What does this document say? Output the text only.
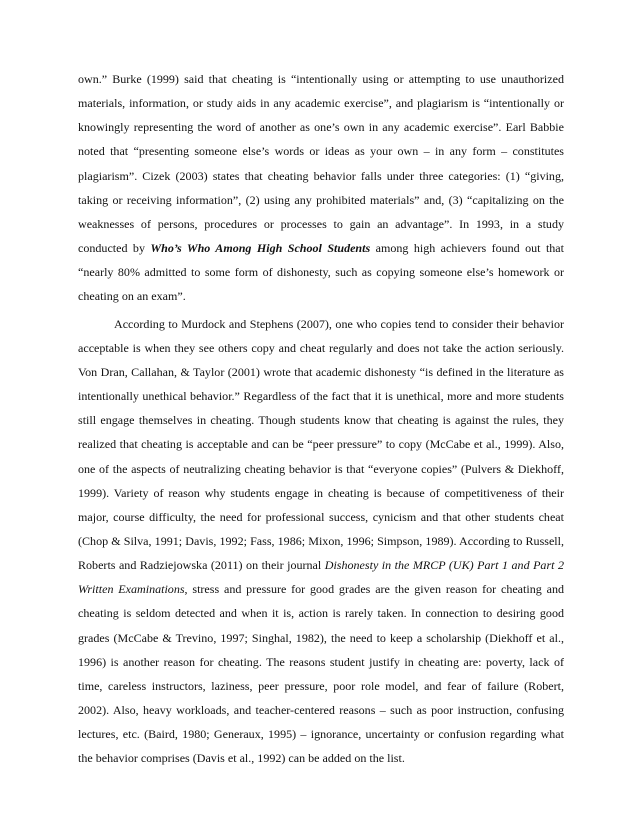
own.” Burke (1999) said that cheating is “intentionally using or attempting to use unauthorized materials, information, or study aids in any academic exercise”, and plagiarism is “intentionally or knowingly representing the word of another as one’s own in any academic exercise”. Earl Babbie noted that “presenting someone else’s words or ideas as your own – in any form – constitutes plagiarism”. Cizek (2003) states that cheating behavior falls under three categories: (1) “giving, taking or receiving information”, (2) using any prohibited materials” and, (3) “capitalizing on the weaknesses of persons, procedures or processes to gain an advantage”. In 1993, in a study conducted by Who’s Who Among High School Students among high achievers found out that “nearly 80% admitted to some form of dishonesty, such as copying someone else’s homework or cheating on an exam”.

According to Murdock and Stephens (2007), one who copies tend to consider their behavior acceptable is when they see others copy and cheat regularly and does not take the action seriously. Von Dran, Callahan, & Taylor (2001) wrote that academic dishonesty “is defined in the literature as intentionally unethical behavior.” Regardless of the fact that it is unethical, more and more students still engage themselves in cheating. Though students know that cheating is against the rules, they realized that cheating is acceptable and can be “peer pressure” to copy (McCabe et al., 1999). Also, one of the aspects of neutralizing cheating behavior is that “everyone copies” (Pulvers & Diekhoff, 1999). Variety of reason why students engage in cheating is because of competitiveness of their major, course difficulty, the need for professional success, cynicism and that other students cheat (Chop & Silva, 1991; Davis, 1992; Fass, 1986; Mixon, 1996; Simpson, 1989). According to Russell, Roberts and Radziejowska (2011) on their journal Dishonesty in the MRCP (UK) Part 1 and Part 2 Written Examinations, stress and pressure for good grades are the given reason for cheating and cheating is seldom detected and when it is, action is rarely taken. In connection to desiring good grades (McCabe & Trevino, 1997; Singhal, 1982), the need to keep a scholarship (Diekhoff et al., 1996) is another reason for cheating. The reasons student justify in cheating are: poverty, lack of time, careless instructors, laziness, peer pressure, poor role model, and fear of failure (Robert, 2002). Also, heavy workloads, and teacher-centered reasons – such as poor instruction, confusing lectures, etc. (Baird, 1980; Generaux, 1995) – ignorance, uncertainty or confusion regarding what the behavior comprises (Davis et al., 1992) can be added on the list.
